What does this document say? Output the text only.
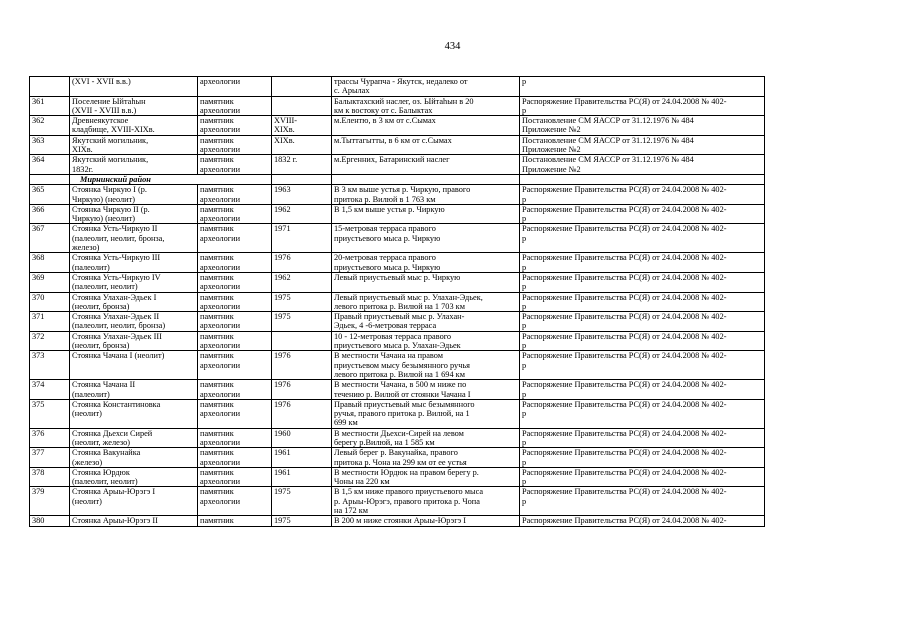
434

	(XVI - XVII в.в.)	археологии		трассы Чурапча - Якутск, недалеко от
с. Арылах	р

361	Поселение Ыйтаһын
(XVII - XVIII в.в.)	памятник
археологии		Балыктахский наслег, оз. Ыйтаһын в 20
км к востоку от с. Балыктах	Распоряжение Правительства РС(Я) от 24.04.2008 № 402-
р

362	Древнеякутское
кладбище, XVIII-XIXв.	памятник
археологии	XVIII-
XIXв.	м.Елентю, в 3 км от с.Сымах	Постановление СМ ЯАССР от 31.12.1976 № 484
Приложение №2

363	Якутский могильник,
XIXв.	памятник
археологии	XIXв.	м.Тыттагытты, в 6 км от с.Сымах	Постановление СМ ЯАССР от 31.12.1976 № 484
Приложение №2

364	Якутский могильник,
1832г.	памятник
археологии	1832 г.	м.Ергенних, Батаринский наслег	Постановление СМ ЯАССР от 31.12.1976 № 484
Приложение №2

	Мирнинский район				

365	Стоянка Чиркую I (р.
Чиркую) (неолит)	памятник
археологии	1963	В 3 км выше устья р. Чиркую, правого
притока р. Вилюй в 1 763 км	Распоряжение Правительства РС(Я) от 24.04.2008 № 402-
р

366	Стоянка Чиркую II (р.
Чиркую) (неолит)	памятник
археологии	1962	В 1,5 км выше устья р. Чиркую	Распоряжение Правительства РС(Я) от 24.04.2008 № 402-
р

367	Стоянка Усть-Чиркую II
(палеолит, неолит, бронза,
железо)	памятник
археологии	1971	15-метровая терраса правого
приустьевого мыса р. Чиркую	Распоряжение Правительства РС(Я) от 24.04.2008 № 402-
р

368	Стоянка Усть-Чиркую III
(палеолит)	памятник
археологии	1976	20-метровая терраса правого
приустьевого мыса р. Чиркую	Распоряжение Правительства РС(Я) от 24.04.2008 № 402-
р

369	Стоянка Усть-Чиркую IV
(палеолит, неолит)	памятник
археологии	1962	Левый приустьевый мыс р. Чиркую	Распоряжение Правительства РС(Я) от 24.04.2008 № 402-
р

370	Стоянка Улахан-Эдьек I
(неолит, бронза)	памятник
археологии	1975	Левый приустьевый мыс р. Улахан-Эдьек,
левого притока р. Вилюй на 1 703 км	Распоряжение Правительства РС(Я) от 24.04.2008 № 402-
р

371	Стоянка Улахан-Эдьек II
(палеолит, неолит, бронза)	памятник
археологии	1975	Правый приустьевый мыс р. Улахан-
Эдьек, 4 -6-метровая терраса	Распоряжение Правительства РС(Я) от 24.04.2008 № 402-
р

372	Стоянка Улахан-Эдьек III
(неолит, бронза)	памятник
археологии		10 - 12-метровая терраса правого
приустьевого мыса р. Улахан-Эдьек	Распоряжение Правительства РС(Я) от 24.04.2008 № 402-
р

373	Стоянка Чачана I (неолит)	памятник
археологии	1976	В местности Чачана на правом
приустьевом мысу безымянного ручья
левого притока р. Вилюй на 1 694 км	Распоряжение Правительства РС(Я) от 24.04.2008 № 402-
р

374	Стоянка Чачана II
(палеолит)	памятник
археологии	1976	В местности Чачана, в 500 м ниже по
течению р. Вилюй от стоянки Чачана I	Распоряжение Правительства РС(Я) от 24.04.2008 № 402-
р

375	Стоянка Константиновка
(неолит)	памятник
археологии	1976	Правый приустьевый мыс безымянного
ручья, правого притока р. Вилюй, на 1
699 км	Распоряжение Правительства РС(Я) от 24.04.2008 № 402-
р

376	Стоянка Дьехси Сирей
(неолит, железо)	памятник
археологии	1960	В местности Дьехси-Сирей на левом
берегу р.Вилюй, на 1 585 км	Распоряжение Правительства РС(Я) от 24.04.2008 № 402-
р

377	Стоянка Вакунайка
(железо)	памятник
археологии	1961	Левый берег р. Вакунайка, правого
притока р. Чона на 299 км от ее устья	Распоряжение Правительства РС(Я) от 24.04.2008 № 402-
р

378	Стоянка Юрдюк
(палеолит, неолит)	памятник
археологии	1961	В местности Юрдюк на правом берегу р.
Чоны на 220 км	Распоряжение Правительства РС(Я) от 24.04.2008 № 402-
р

379	Стоянка Арыы-Юрэгэ I
(неолит)	памятник
археологии	1975	В 1,5 км ниже правого приустьевого мыса
р. Арыы-Юрэгэ, правого притока р. Чопа
на 172 км	Распоряжение Правительства РС(Я) от 24.04.2008 № 402-
р

380	Стоянка Арыы-Юрэгэ II	памятник	1975	В 200 м ниже стоянки Арыы-Юрэгэ I	Распоряжение Правительства РС(Я) от 24.04.2008 № 402-
